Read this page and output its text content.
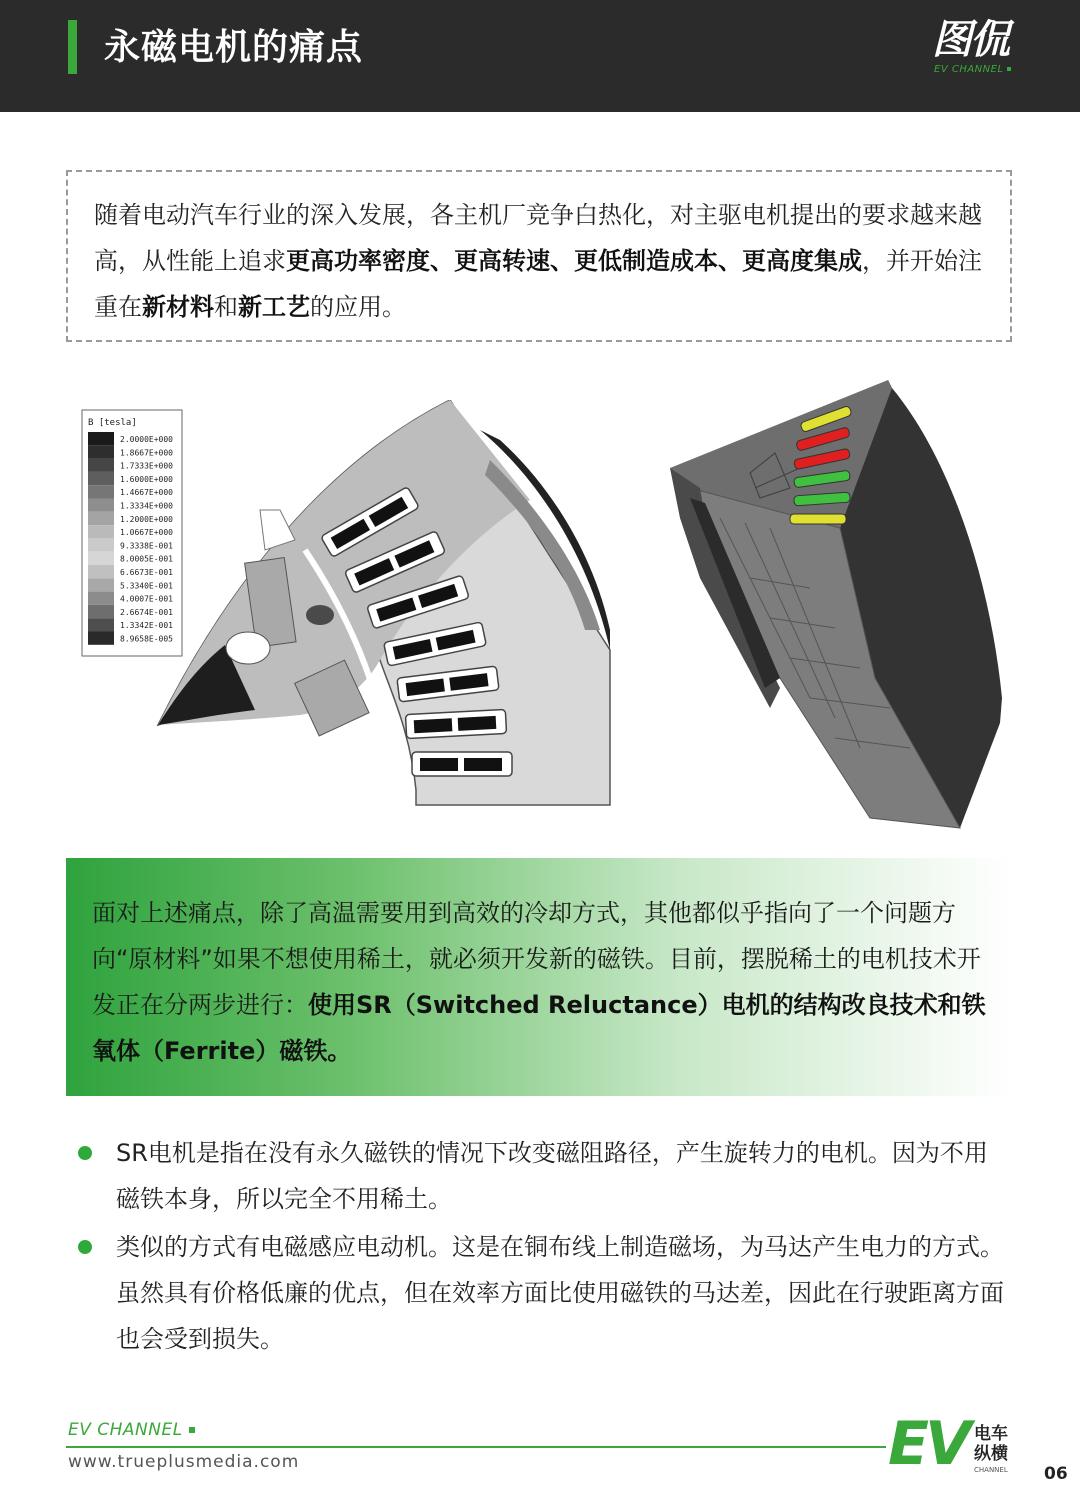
永磁电机的痛点	图侃
EV CHANNEL
随着电动汽车行业的深入发展，各主机厂竞争白热化，对主驱电机提出的要求越来越高，从性能上追求更高功率密度、更高转速、更低制造成本、更高度集成，并开始注重在新材料和新工艺的应用。
B [tesla]
2.0000E+000
1.8667E+000
1.7333E+000
1.6000E+000
1.4667E+000
1.3334E+000
1.2000E+000
1.0667E+000
9.3338E-001
8.0005E-001
6.6673E-001
5.3340E-001
4.0007E-001
2.6674E-001
1.3342E-001
8.9658E-005
面对上述痛点，除了高温需要用到高效的冷却方式，其他都似乎指向了一个问题方向“原材料”如果不想使用稀土，就必须开发新的磁铁。目前，摆脱稀土的电机技术开发正在分两步进行：使用SR（Switched Reluctance）电机的结构改良技术和铁氧体（Ferrite）磁铁。
SR电机是指在没有永久磁铁的情况下改变磁阻路径，产生旋转力的电机。因为不用磁铁本身，所以完全不用稀土。
类似的方式有电磁感应电动机。这是在铜布线上制造磁场，为马达产生电力的方式。虽然具有价格低廉的优点，但在效率方面比使用磁铁的马达差，因此在行驶距离方面也会受到损失。
EV CHANNEL
www.trueplusmedia.com	EV 电车
纵横
CHANNEL 06
